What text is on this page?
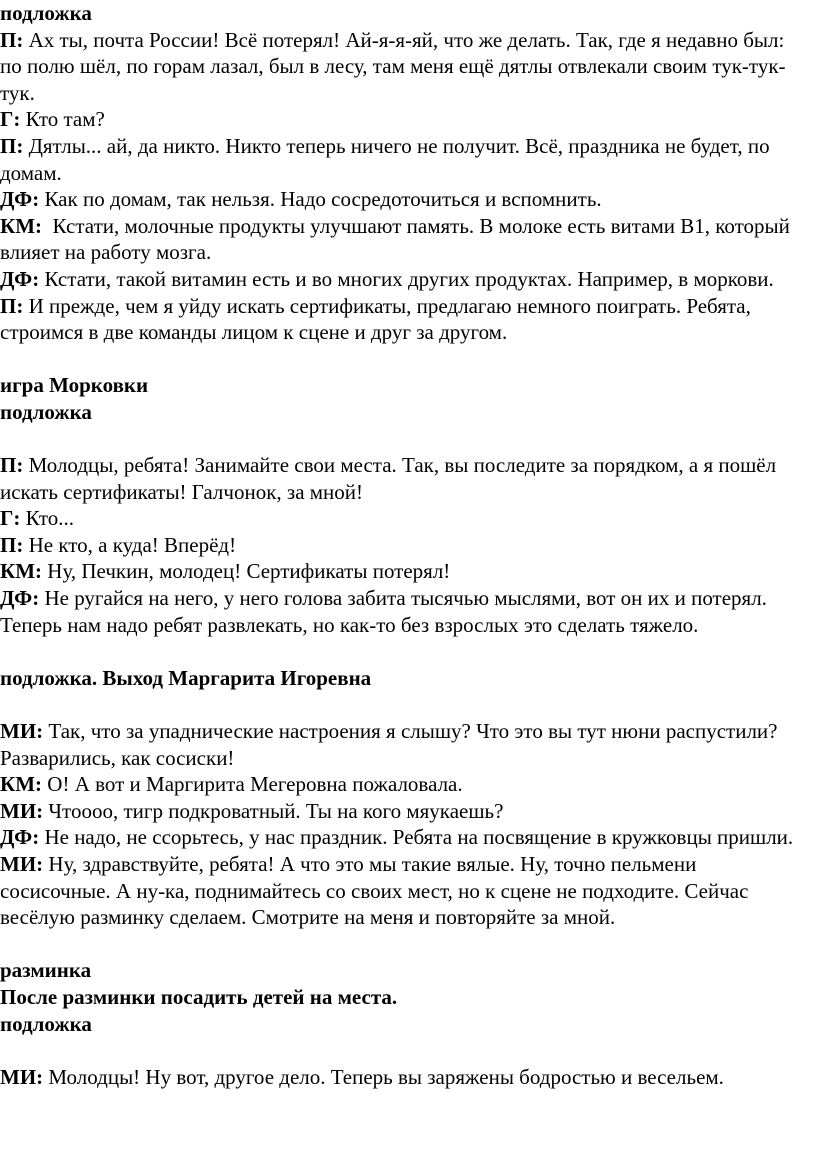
подложка
П: Ах ты, почта России! Всё потерял! Ай-я-я-яй, что же делать. Так, где я недавно был: по полю шёл, по горам лазал, был в лесу, там меня ещё дятлы отвлекали своим тук-тук-тук.
Г: Кто там?
П: Дятлы... ай, да никто. Никто теперь ничего не получит. Всё, праздника не будет, по домам.
ДФ: Как по домам, так нельзя. Надо сосредоточиться и вспомнить.
КМ:  Кстати, молочные продукты улучшают память. В молоке есть витами В1, который влияет на работу мозга.
ДФ: Кстати, такой витамин есть и во многих других продуктах. Например, в моркови.
П: И прежде, чем я уйду искать сертификаты, предлагаю немного поиграть. Ребята, строимся в две команды лицом к сцене и друг за другом.
игра Морковки
подложка
П: Молодцы, ребята! Занимайте свои места. Так, вы последите за порядком, а я пошёл искать сертификаты! Галчонок, за мной!
Г: Кто...
П: Не кто, а куда! Вперёд!
КМ: Ну, Печкин, молодец! Сертификаты потерял!
ДФ: Не ругайся на него, у него голова забита тысячью мыслями, вот он их и потерял. Теперь нам надо ребят развлекать, но как-то без взрослых это сделать тяжело.
подложка. Выход Маргарита Игоревна
МИ: Так, что за упаднические настроения я слышу? Что это вы тут нюни распустили? Разварились, как сосиски!
КМ: О! А вот и Маргирита Мегеровна пожаловала.
МИ: Чтоооо, тигр подкроватный. Ты на кого мяукаешь?
ДФ: Не надо, не ссорьтесь, у нас праздник. Ребята на посвящение в кружковцы пришли.
МИ: Ну, здравствуйте, ребята! А что это мы такие вялые. Ну, точно пельмени сосисочные. А ну-ка, поднимайтесь со своих мест, но к сцене не подходите. Сейчас весёлую разминку сделаем. Смотрите на меня и повторяйте за мной.
разминка
После разминки посадить детей на места.
подложка
МИ: Молодцы! Ну вот, другое дело. Теперь вы заряжены бодростью и весельем.
